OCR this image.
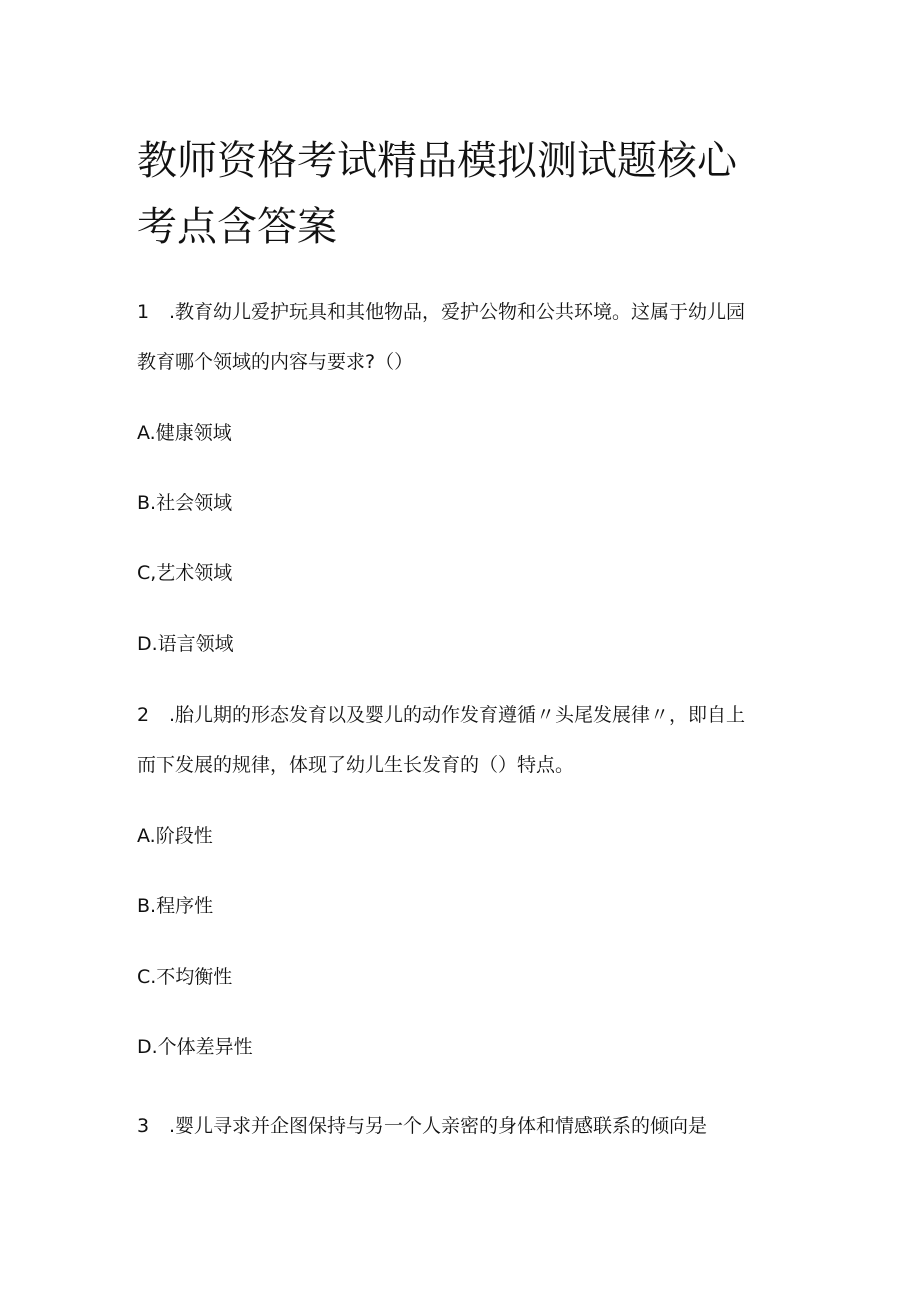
教师资格考试精品模拟测试题核心
考点含答案
1 .教育幼儿爱护玩具和其他物品，爱护公物和公共环境。这属于幼儿园
教育哪个领域的内容与要求?（）
A.健康领域
B.社会领域
C,艺术领域
D.语言领域
2 .胎儿期的形态发育以及婴儿的动作发育遵循〃头尾发展律〃，即自上
而下发展的规律，体现了幼儿生长发育的（）特点。
A.阶段性
B.程序性
C.不均衡性
D.个体差异性
3 .婴儿寻求并企图保持与另一个人亲密的身体和情感联系的倾向是
